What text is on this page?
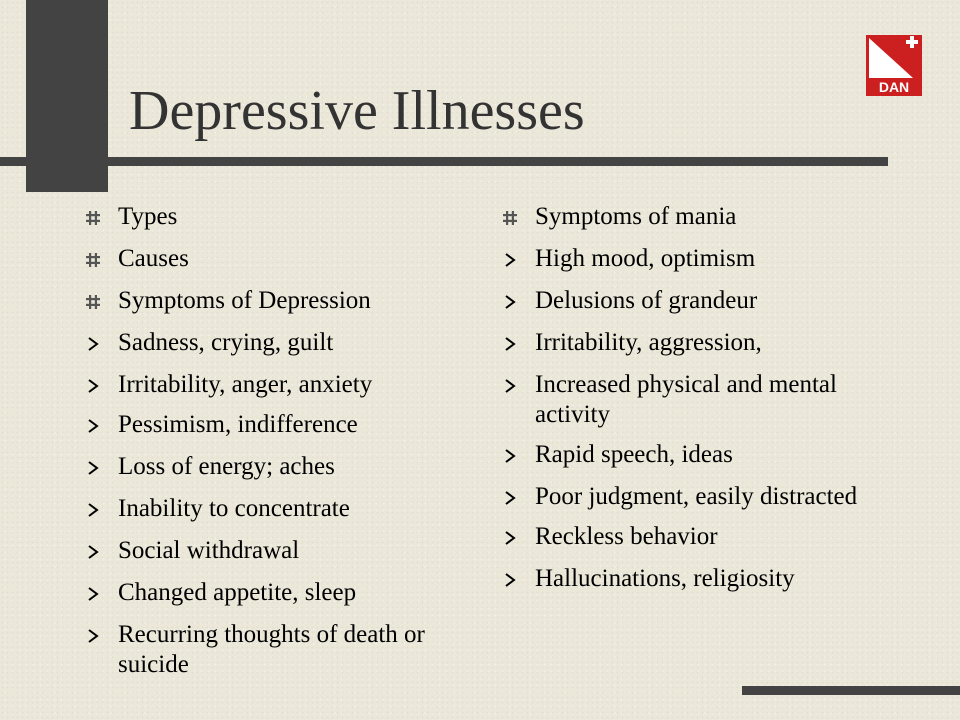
Depressive Illnesses	DAN
Types
Causes
Symptoms of Depression
Sadness, crying, guilt
Irritability, anger, anxiety
Pessimism, indifference
Loss of energy; aches
Inability to concentrate
Social withdrawal
Changed appetite, sleep
Recurring thoughts of death or suicide
Symptoms of mania
High mood, optimism
Delusions of grandeur
Irritability, aggression,
Increased physical and mental activity
Rapid speech, ideas
Poor judgment, easily distracted
Reckless behavior
Hallucinations, religiosity
